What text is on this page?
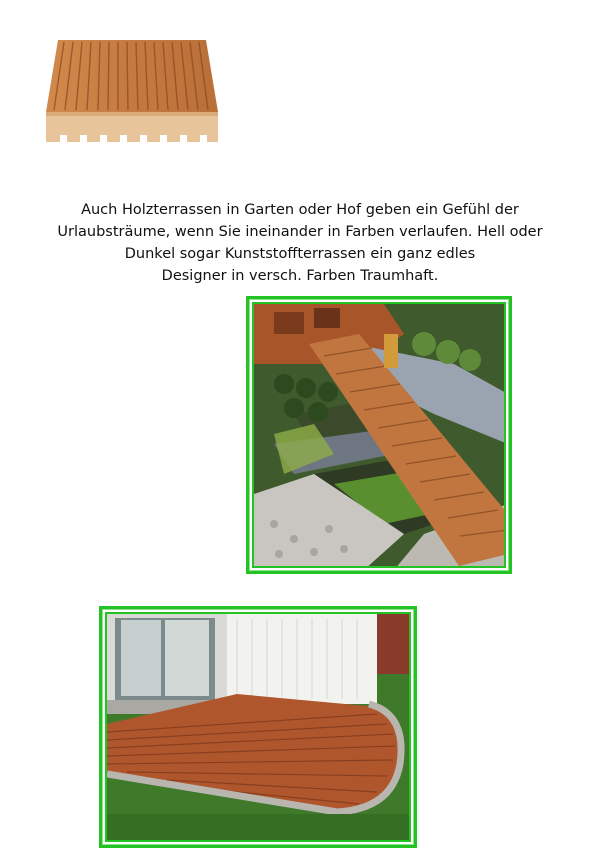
Auch Holzterrassen in Garten oder Hof geben ein Gefühl der
Urlaubsträume, wenn Sie ineinander in Farben verlaufen. Hell oder
Dunkel sogar Kunststoffterrassen ein ganz edles
Designer in versch. Farben Traumhaft.
